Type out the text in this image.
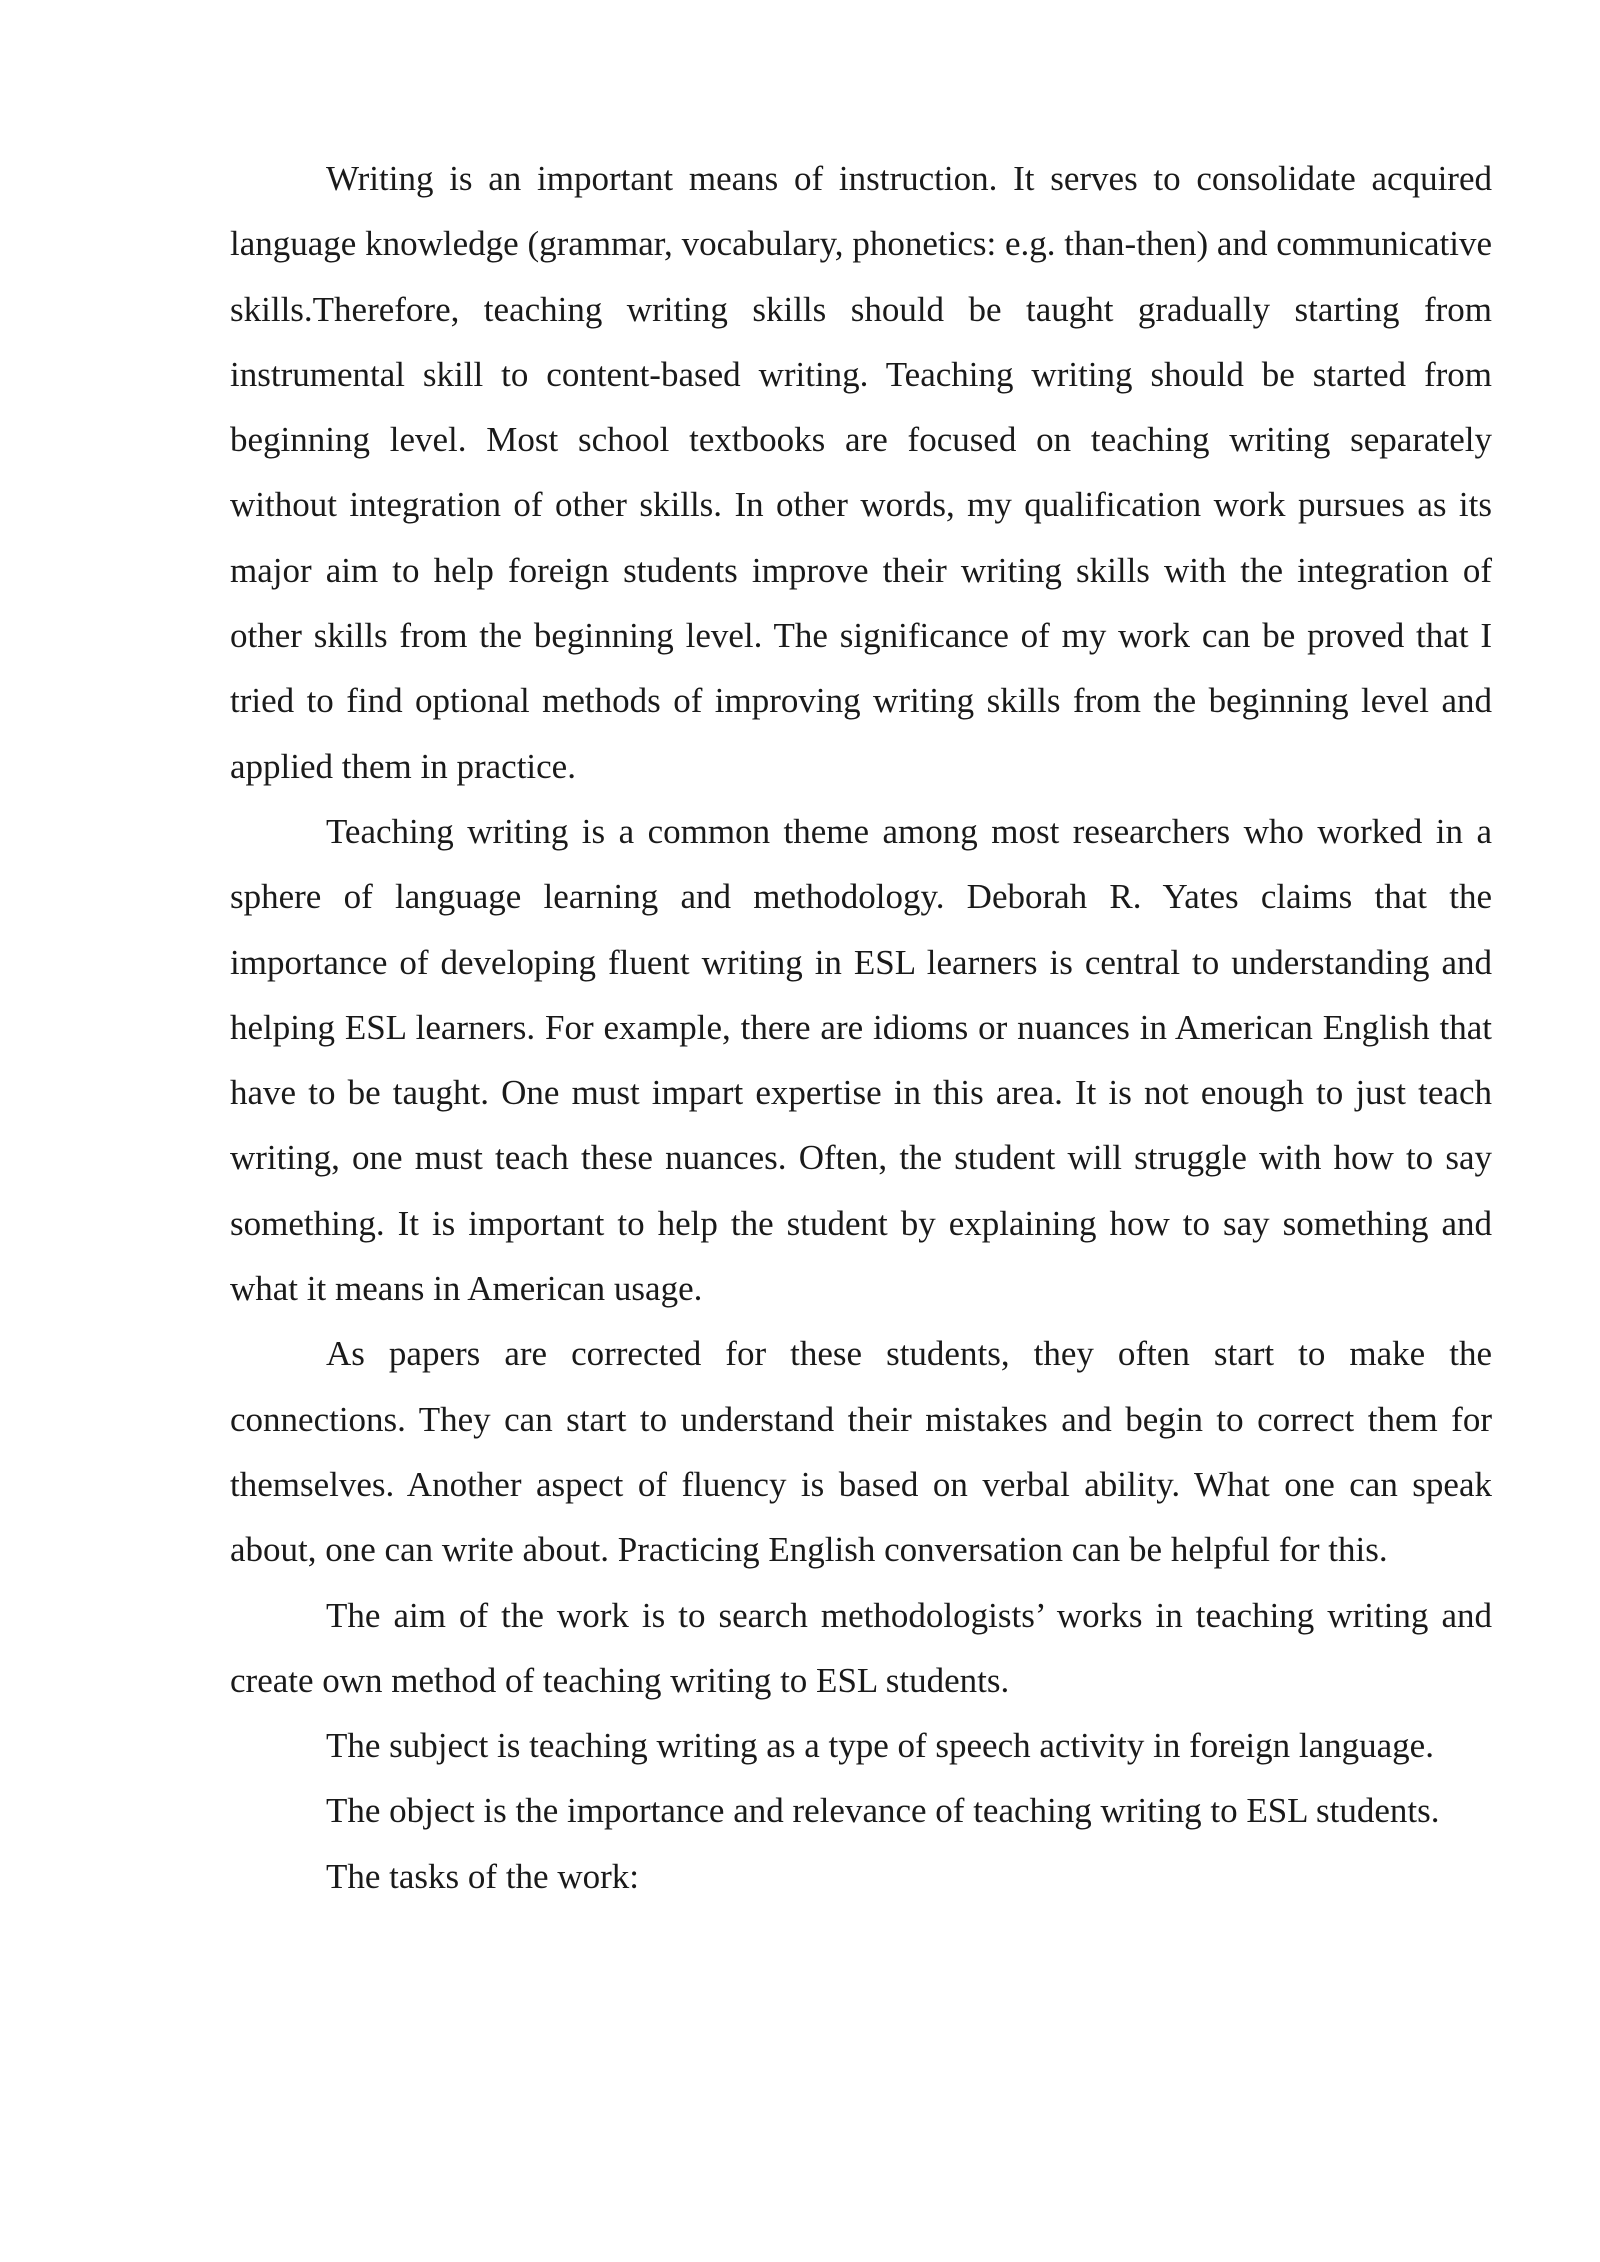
Writing is an important means of instruction. It serves to consolidate acquired language knowledge (grammar, vocabulary, phonetics: e.g. than-then) and communicative skills.Therefore, teaching writing skills should be taught gradually starting from instrumental skill to content-based writing. Teaching writing should be started from beginning level. Most school textbooks are focused on teaching writing separately without integration of other skills. In other words, my qualification work pursues as its major aim to help foreign students improve their writing skills with the integration of other skills from the beginning level. The significance of my work can be proved that I tried to find optional methods of improving writing skills from the beginning level and applied them in practice.

Teaching writing is a common theme among most researchers who worked in a sphere of language learning and methodology. Deborah R. Yates claims that the importance of developing fluent writing in ESL learners is central to understanding and helping ESL learners. For example, there are idioms or nuances in American English that have to be taught. One must impart expertise in this area. It is not enough to just teach writing, one must teach these nuances. Often, the student will struggle with how to say something. It is important to help the student by explaining how to say something and what it means in American usage.

As papers are corrected for these students, they often start to make the connections. They can start to understand their mistakes and begin to correct them for themselves. Another aspect of fluency is based on verbal ability. What one can speak about, one can write about. Practicing English conversation can be helpful for this.

The aim of the work is to search methodologists’ works in teaching writing and create own method of teaching writing to ESL students.

The subject is teaching writing as a type of speech activity in foreign language.

The object is the importance and relevance of teaching writing to ESL students.

The tasks of the work:
